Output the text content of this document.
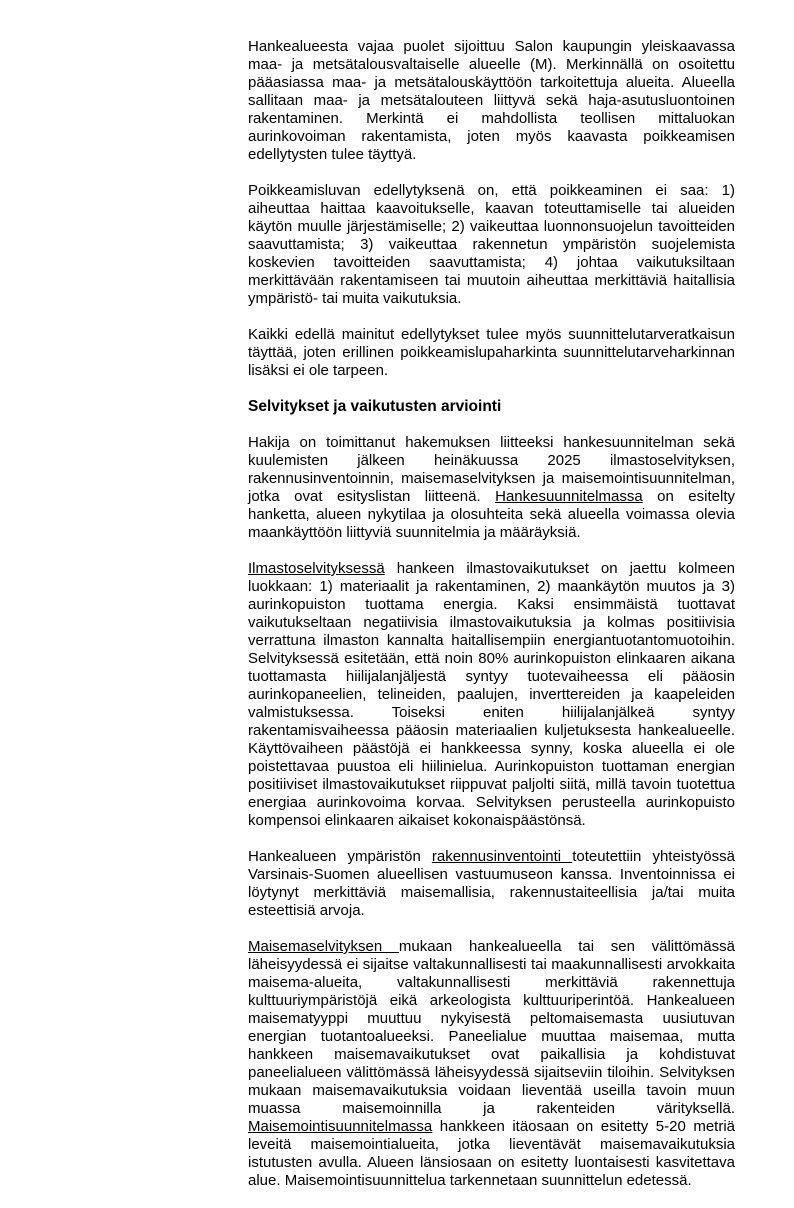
Hankealueesta vajaa puolet sijoittuu Salon kaupungin yleiskaavassa maa- ja metsätalousvaltaiselle alueelle (M). Merkinnällä on osoitettu pääasiassa maa- ja metsätalouskäyttöön tarkoitettuja alueita. Alueella sallitaan maa- ja metsätalouteen liittyvä sekä haja-asutusluontoinen rakentaminen. Merkintä ei mahdollista teollisen mittaluokan aurinkovoiman rakentamista, joten myös kaavasta poikkeamisen edellytysten tulee täyttyä.

Poikkeamisluvan edellytyksenä on, että poikkeaminen ei saa: 1) aiheuttaa haittaa kaavoitukselle, kaavan toteuttamiselle tai alueiden käytön muulle järjestämiselle; 2) vaikeuttaa luonnonsuojelun tavoitteiden saavuttamista; 3) vaikeuttaa rakennetun ympäristön suojelemista koskevien tavoitteiden saavuttamista; 4) johtaa vaikutuksiltaan merkittävään rakentamiseen tai muutoin aiheuttaa merkittäviä haitallisia ympäristö- tai muita vaikutuksia.

Kaikki edellä mainitut edellytykset tulee myös suunnittelutarveratkaisun täyttää, joten erillinen poikkeamislupaharkinta suunnittelutarveharkinnan lisäksi ei ole tarpeen.

Selvitykset ja vaikutusten arviointi

Hakija on toimittanut hakemuksen liitteeksi hankesuunnitelman sekä kuulemisten jälkeen heinäkuussa 2025 ilmastoselvityksen, rakennusinventoinnin, maisemaselvityksen ja maisemointisuunnitelman, jotka ovat esityslistan liitteenä. Hankesuunnitelmassa on esitelty hanketta, alueen nykytilaa ja olosuhteita sekä alueella voimassa olevia maankäyttöön liittyviä suunnitelmia ja määräyksiä.

Ilmastoselvityksessä hankeen ilmastovaikutukset on jaettu kolmeen luokkaan: 1) materiaalit ja rakentaminen, 2) maankäytön muutos ja 3) aurinkopuiston tuottama energia. Kaksi ensimmäistä tuottavat vaikutukseltaan negatiivisia ilmastovaikutuksia ja kolmas positiivisia verrattuna ilmaston kannalta haitallisempiin energiantuotantomuotoihin. Selvityksessä esitetään, että noin 80% aurinkopuiston elinkaaren aikana tuottamasta hiilijalanjäljestä syntyy tuotevaiheessa eli pääosin aurinkopaneelien, telineiden, paalujen, inverttereiden ja kaapeleiden valmistuksessa. Toiseksi eniten hiilijalanjälkeä syntyy rakentamisvaiheessa pääosin materiaalien kuljetuksesta hankealueelle. Käyttövaiheen päästöjä ei hankkeessa synny, koska alueella ei ole poistettavaa puustoa eli hiilinielua. Aurinkopuiston tuottaman energian positiiviset ilmastovaikutukset riippuvat paljolti siitä, millä tavoin tuotettua energiaa aurinkovoima korvaa. Selvityksen perusteella aurinkopuisto kompensoi elinkaaren aikaiset kokonaispäästönsä.

Hankealueen ympäristön rakennusinventointi toteutettiin yhteistyössä Varsinais-Suomen alueellisen vastuumuseon kanssa. Inventoinnissa ei löytynyt merkittäviä maisemallisia, rakennustaiteellisia ja/tai muita esteettisiä arvoja.

Maisemaselvityksen mukaan hankealueella tai sen välittömässä läheisyydessä ei sijaitse valtakunnallisesti tai maakunnallisesti arvokkaita maisema-alueita, valtakunnallisesti merkittäviä rakennettuja kulttuuriympäristöjä eikä arkeologista kulttuuriperintöä. Hankealueen maisematyyppi muuttuu nykyisestä peltomaisemasta uusiutuvan energian tuotantoalueeksi. Paneelialue muuttaa maisemaa, mutta hankkeen maisemavaikutukset ovat paikallisia ja kohdistuvat paneelialueen välittömässä läheisyydessä sijaitseviin tiloihin. Selvityksen mukaan maisemavaikutuksia voidaan lieventää useilla tavoin muun muassa maisemoinnilla ja rakenteiden värityksellä. Maisemointisuunnitelmassa hankkeen itäosaan on esitetty 5-20 metriä leveitä maisemointialueita, jotka lieventävät maisemavaikutuksia istutusten avulla. Alueen länsiosaan on esitetty luontaisesti kasvitettava alue. Maisemointisuunnittelua tarkennetaan suunnittelun edetessä.
